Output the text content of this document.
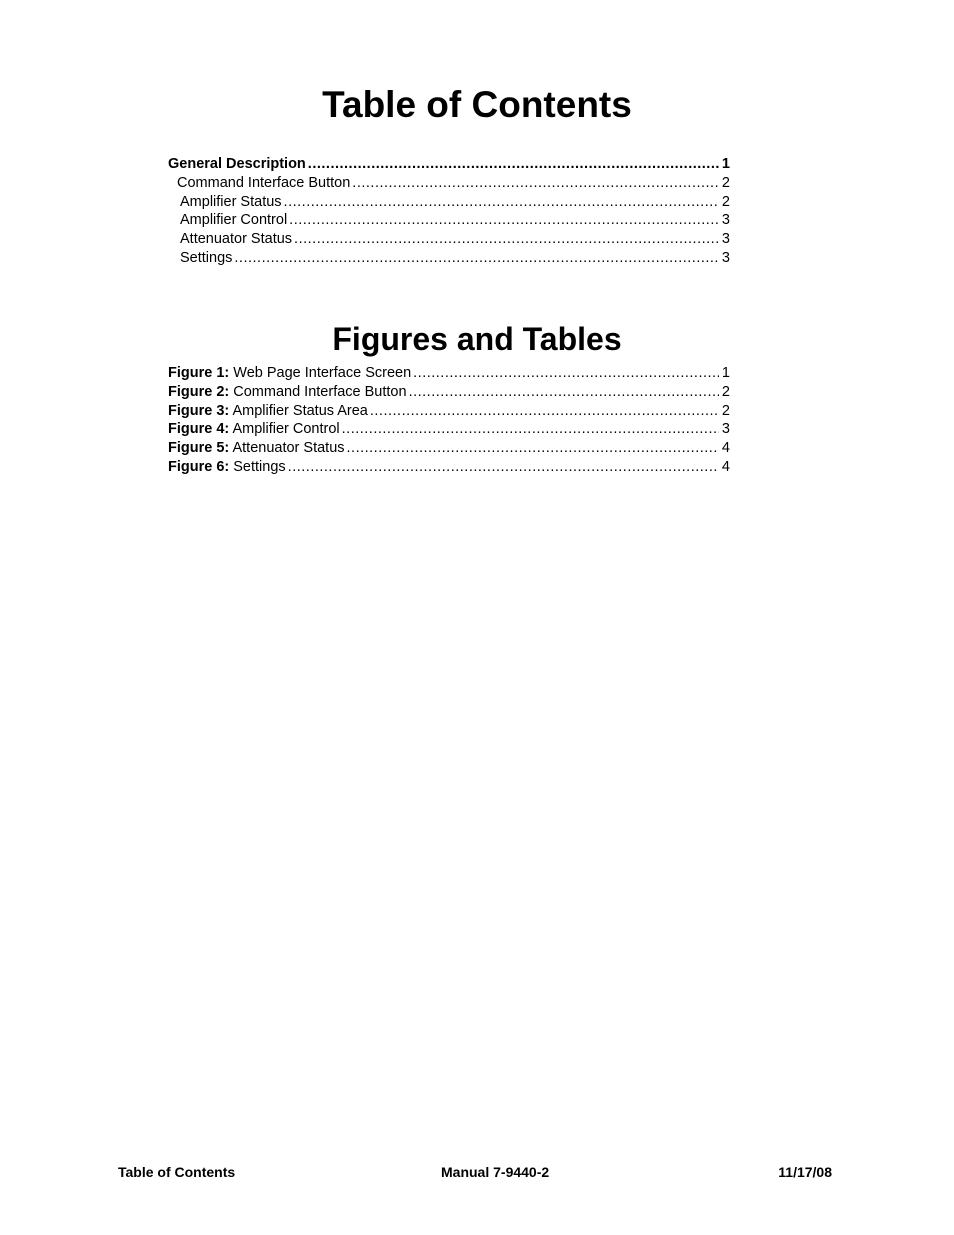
Table of Contents
General Description .....	1
Command Interface Button .....	2
Amplifier Status .....	2
Amplifier Control .....	3
Attenuator Status .....	3
Settings .....	3
Figures and Tables
Figure 1: Web Page Interface Screen .....	1
Figure 2: Command Interface Button .....	2
Figure 3: Amplifier Status Area .....	2
Figure 4: Amplifier Control .....	3
Figure 5: Attenuator Status .....	4
Figure 6: Settings .....	4
Table of Contents	Manual 7-9440-2	11/17/08
